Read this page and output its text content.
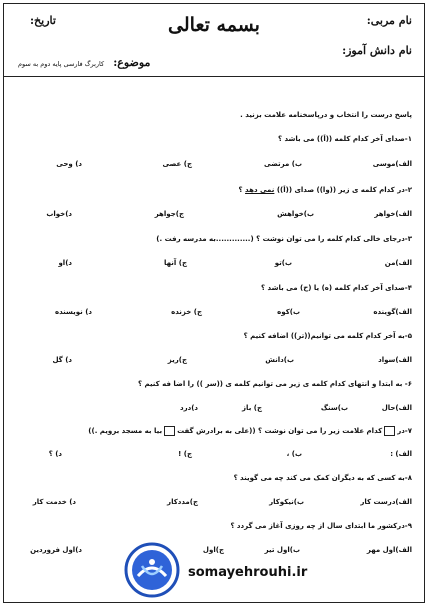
بسمه تعالی	نام مربی:
نام دانش آموز:
تاریخ:
موضوع: کاربرگ فارسی پایه دوم به سوم
پاسخ درست را انتخاب و درپاسخنامه علامت بزنید .
۱-صدای آخر کدام کلمه ((اَ)) می باشد ؟
الف)موسی
ب) مرتضی
ج) عصی
د) وحی
۲-در کدام کلمه ی زیر ((وا)) صدای ((اَ)) نمی دهد ؟
الف)خواهر
ب)خواهش
ج)جواهر
د)خواب
۳-درجای خالی کدام کلمه را می توان نوشت ؟ (.............به مدرسه رفت .)
الف)من
ب)تو
ج) آنها
د)او
۴-صدای آخر کدام کلمه (ه) یا (ح) می باشد ؟
الف)گوینده
ب)کوه
ج) خزنده
د) نویسنده
۵-به آخر کدام کلمه می توانیم((تر)) اضافه کنیم ؟
الف)سواد
ب)دانش
ج)ریز
د) گل
۶- به ابتدا و انتهای کدام کلمه ی زیر می توانیم کلمه ی ((سر )) را اضا فه کنیم ؟
الف)حال
ب)سنگ
ج) باز
د)درد
۷-درکدام علامت زیر را می توان نوشت ؟ ((علی به برادرش گفتبیا به مسجد برویم .))
الف) :
ب) ،
ج) !
د) ؟
۸-به کسی که به دیگران کمک می کند چه می گویند ؟
الف)درست کار
ب)نیکوکار
ج)مددکار
د) خدمت کار
۹-درکشور ما ابتدای سال از چه روزی آغاز می گردد ؟
الف)اول مهر
ب)اول تیر
ج)اول
د)اول فروردین
somayehrouhi.ir
